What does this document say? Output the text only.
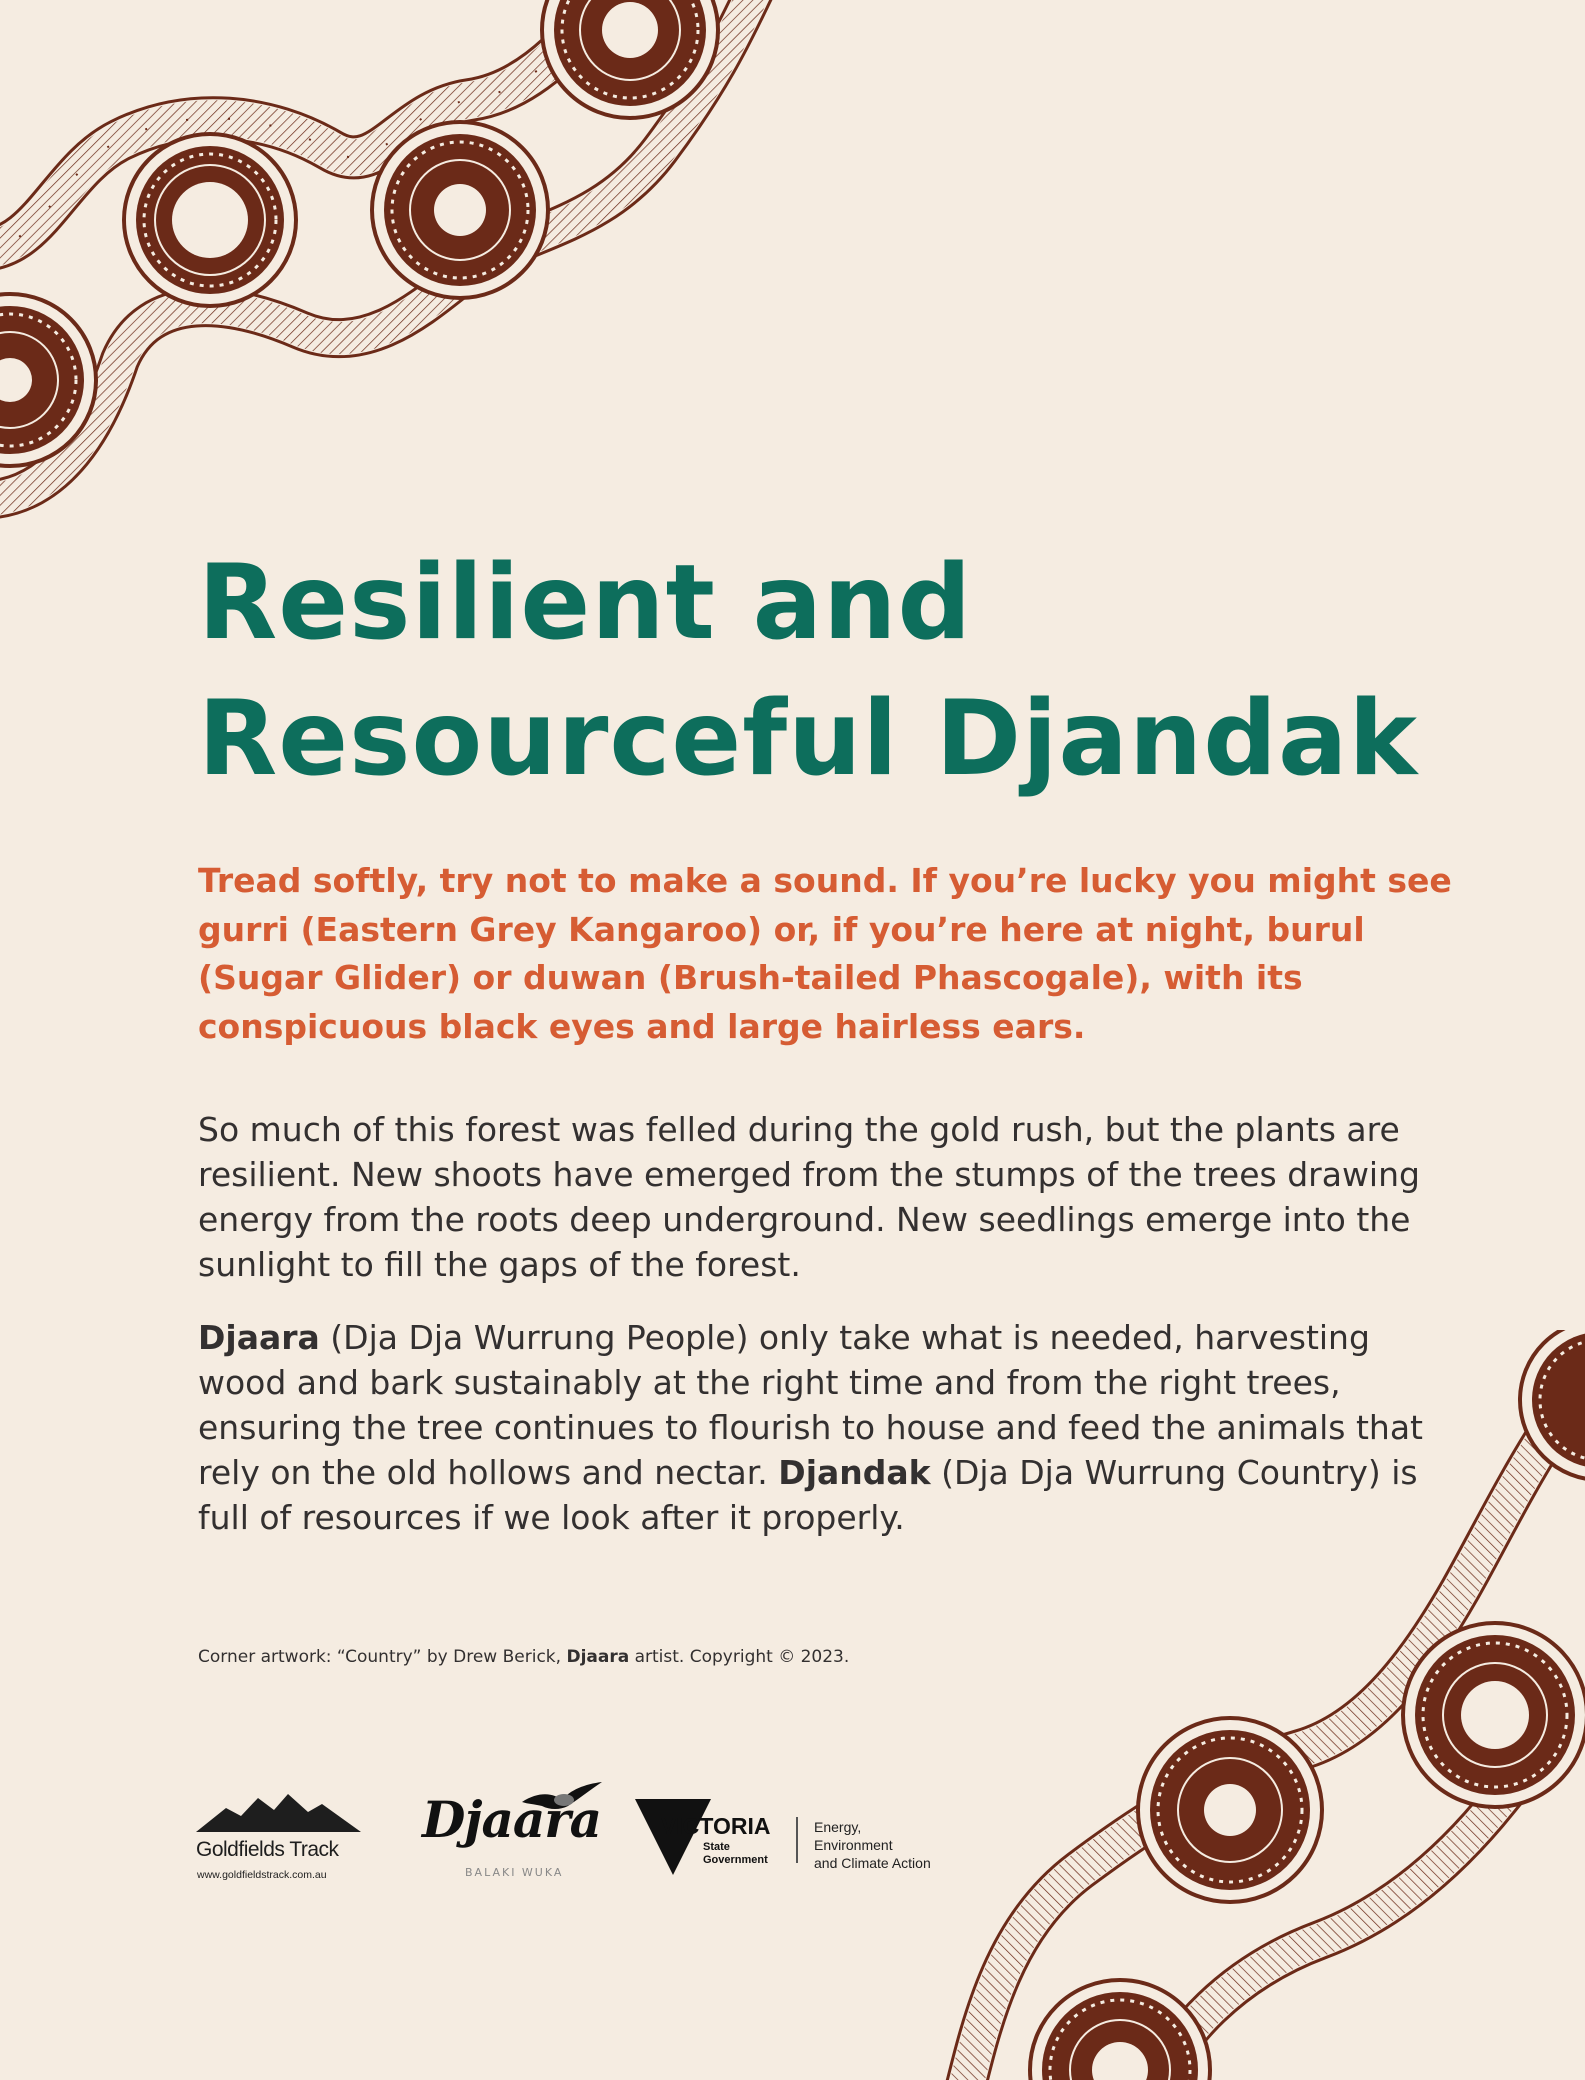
Resilient and
Resourceful Djandak

Tread softly, try not to make a sound. If you’re lucky you might see gurri (Eastern Grey Kangaroo) or, if you’re here at night, burul (Sugar Glider) or duwan (Brush-tailed Phascogale), with its conspicuous black eyes and large hairless ears.

So much of this forest was felled during the gold rush, but the plants are resilient. New shoots have emerged from the stumps of the trees drawing energy from the roots deep underground. New seedlings emerge into the sunlight to fill the gaps of the forest.

Djaara (Dja Dja Wurrung People) only take what is needed, harvesting wood and bark sustainably at the right time and from the right trees, ensuring the tree continues to flourish to house and feed the animals that rely on the old hollows and nectar. Djandak (Dja Dja Wurrung Country) is full of resources if we look after it properly.

Corner artwork: “Country” by Drew Berick, Djaara artist. Copyright © 2023.

Goldfields Track
www.goldfieldstrack.com.au
Djaara
BALAKI WUKA
VICTORIA
State
Government
Energy,
Environment
and Climate Action
